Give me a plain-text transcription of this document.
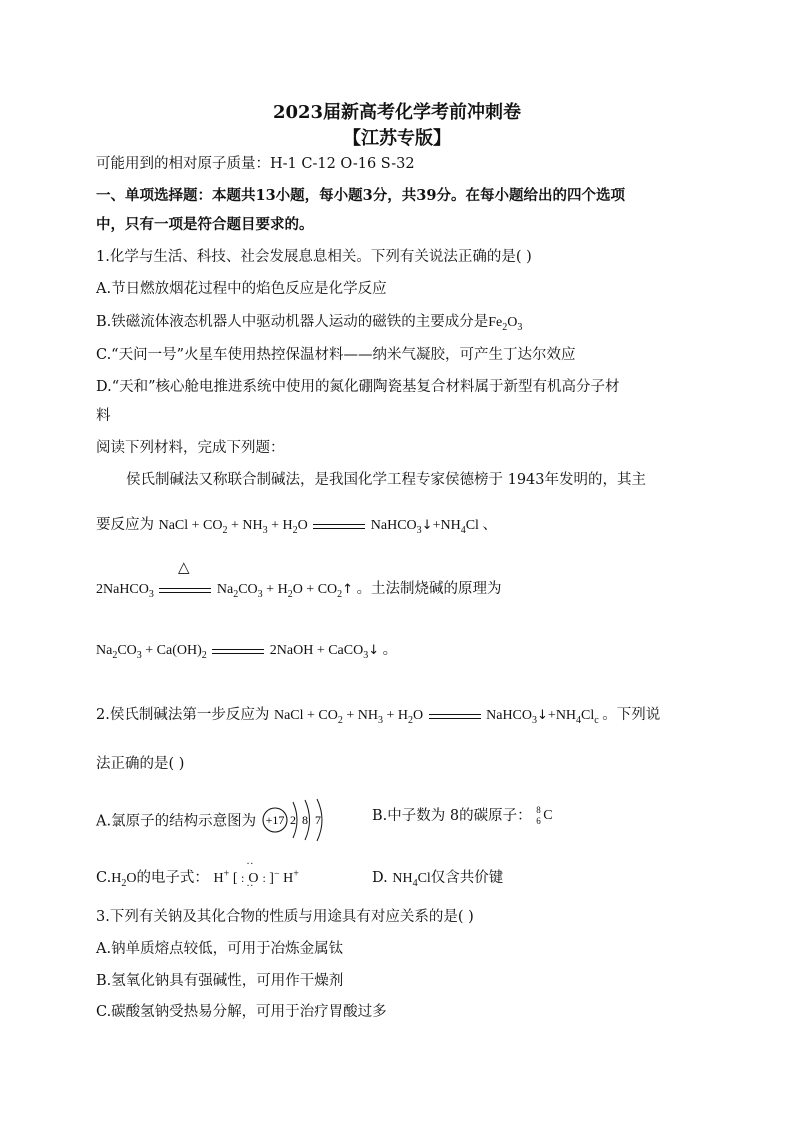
2023届新高考化学考前冲刺卷
【江苏专版】
可能用到的相对原子质量：H-1 C-12 O-16 S-32
一、单项选择题：本题共13小题，每小题3分，共39分。在每小题给出的四个选项
中，只有一项是符合题目要求的。
1.化学与生活、科技、社会发展息息相关。下列有关说法正确的是( )
A.节日燃放烟花过程中的焰色反应是化学反应
B.铁磁流体液态机器人中驱动机器人运动的磁铁的主要成分是$Fe_2O_3$
C.“天问一号”火星车使用热控保温材料——纳米气凝胶，可产生丁达尔效应
D.“天和”核心舱电推进系统中使用的氮化硼陶瓷基复合材料属于新型有机高分子材
料
阅读下列材料，完成下列题：
侯氏制碱法又称联合制碱法，是我国化学工程专家侯德榜于 1943年发明的，其主
要反应为 NaCl + $CO_2 + NH_3 + H_2O$	$NaHCO_3↓+NH_4Cl$ 、
△
2NaHCO$_3$	$Na_2CO_3 + H_2O$ + $CO_2↑$ 。土法制烧碱的原理为
$Na_2CO_3 + Ca(OH)_2$	2NaOH + CaCO$_3$↓ 。
2.侯氏制碱法第一步反应为 NaCl + $CO_2 + NH_3 + H_2O$	$NaHCO_3↓+NH_4Cl_c$ 。下列说
法正确的是( )
A.氯原子的结构示意图为 +17 2 8 7	B.中子数为 8的碳原子： 8
6 C
$C.H_2O$的电子式： H+ [ :· · O · · : ]− H+	D. $NH_4Cl$仅含共价键
3.下列有关钠及其化合物的性质与用途具有对应关系的是( )
A.钠单质熔点较低，可用于冶炼金属钛
B.氢氧化钠具有强碱性，可用作干燥剂
C.碳酸氢钠受热易分解，可用于治疗胃酸过多
